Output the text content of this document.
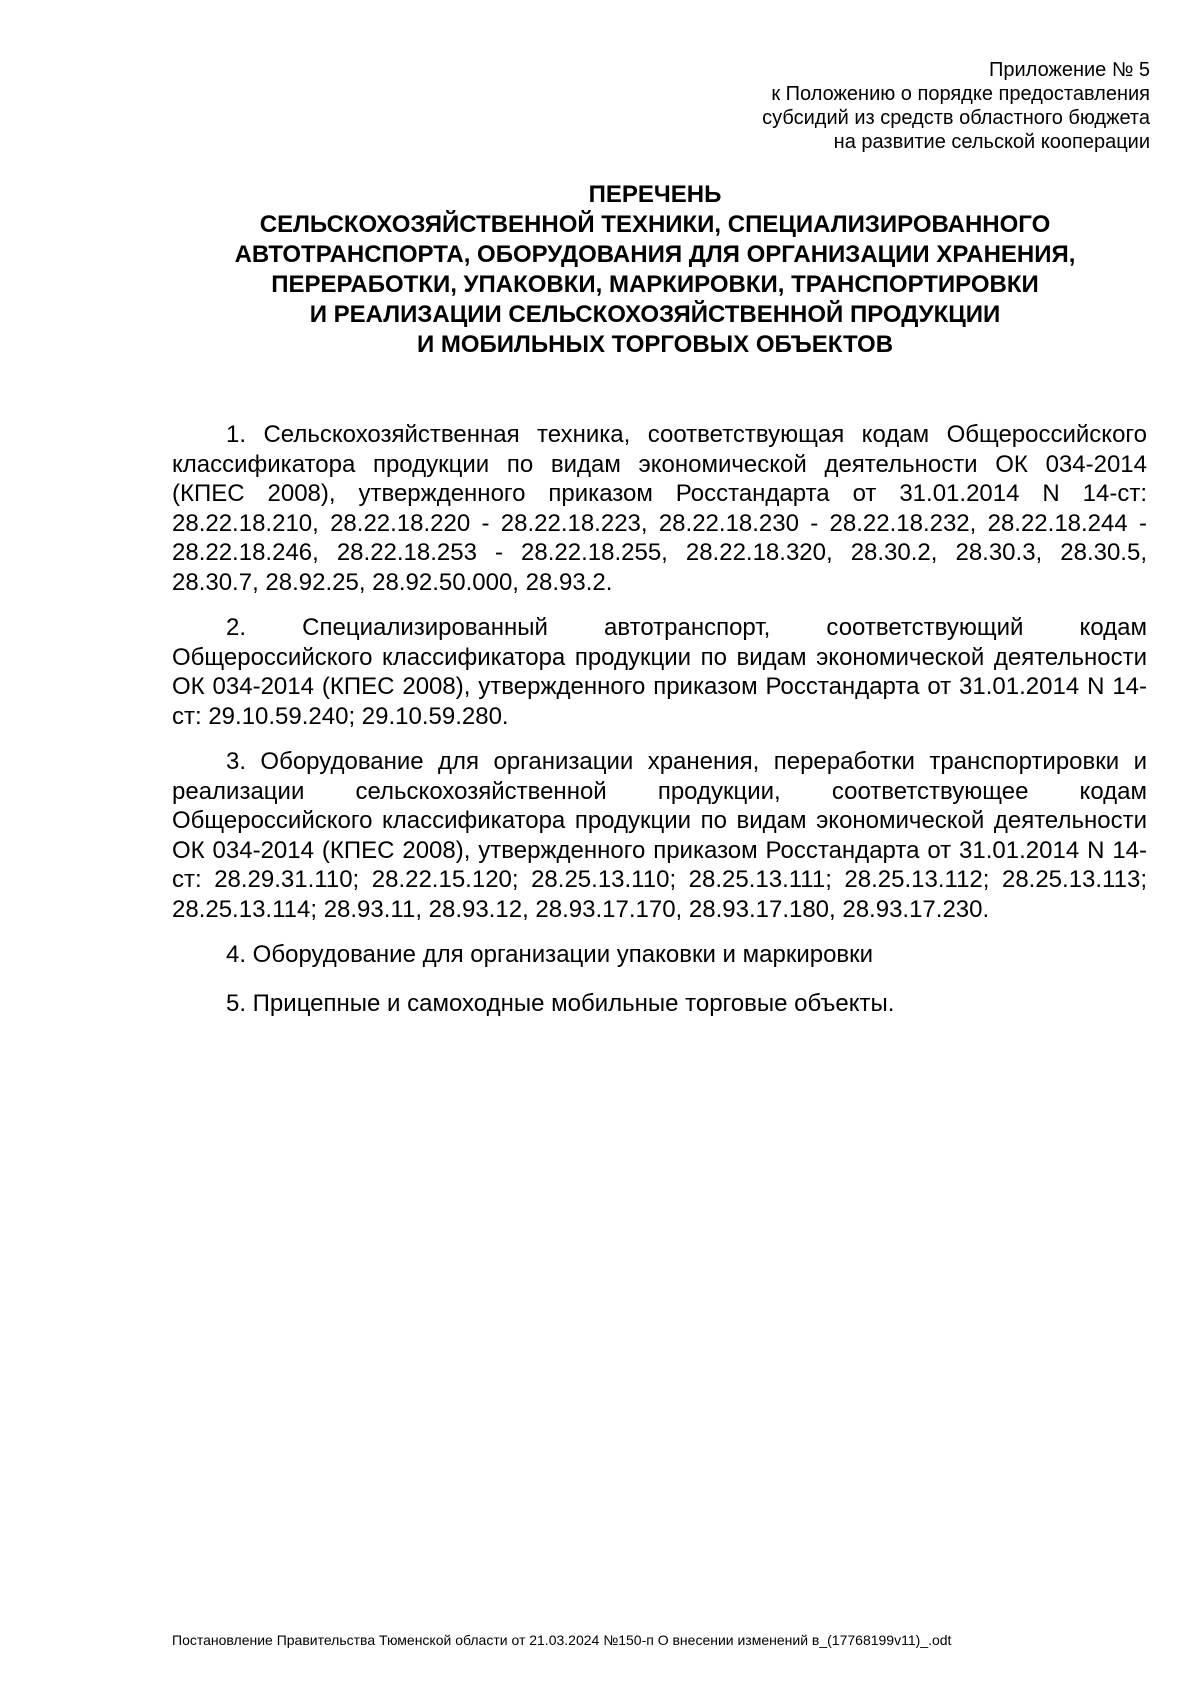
Приложение № 5
к Положению о порядке предоставления
субсидий из средств областного бюджета
на развитие сельской кооперации
ПЕРЕЧЕНЬ
СЕЛЬСКОХОЗЯЙСТВЕННОЙ ТЕХНИКИ, СПЕЦИАЛИЗИРОВАННОГО
АВТОТРАНСПОРТА, ОБОРУДОВАНИЯ ДЛЯ ОРГАНИЗАЦИИ ХРАНЕНИЯ,
ПЕРЕРАБОТКИ, УПАКОВКИ, МАРКИРОВКИ, ТРАНСПОРТИРОВКИ
И РЕАЛИЗАЦИИ СЕЛЬСКОХОЗЯЙСТВЕННОЙ ПРОДУКЦИИ
И МОБИЛЬНЫХ ТОРГОВЫХ ОБЪЕКТОВ

1. Сельскохозяйственная техника, соответствующая кодам Общероссийского классификатора продукции по видам экономической деятельности ОК 034-2014 (КПЕС 2008), утвержденного приказом Росстандарта от 31.01.2014 N 14-ст: 28.22.18.210, 28.22.18.220 - 28.22.18.223, 28.22.18.230 - 28.22.18.232, 28.22.18.244 - 28.22.18.246, 28.22.18.253 - 28.22.18.255, 28.22.18.320, 28.30.2, 28.30.3, 28.30.5, 28.30.7, 28.92.25, 28.92.50.000, 28.93.2.

2. Специализированный автотранспорт, соответствующий кодам Общероссийского классификатора продукции по видам экономической деятельности ОК 034-2014 (КПЕС 2008), утвержденного приказом Росстандарта от 31.01.2014 N 14-ст: 29.10.59.240; 29.10.59.280.

3. Оборудование для организации хранения, переработки транспортировки и реализации сельскохозяйственной продукции, соответствующее кодам Общероссийского классификатора продукции по видам экономической деятельности ОК 034-2014 (КПЕС 2008), утвержденного приказом Росстандарта от 31.01.2014 N 14-ст: 28.29.31.110; 28.22.15.120; 28.25.13.110; 28.25.13.111; 28.25.13.112; 28.25.13.113; 28.25.13.114; 28.93.11, 28.93.12, 28.93.17.170, 28.93.17.180, 28.93.17.230.

4. Оборудование для организации упаковки и маркировки

5. Прицепные и самоходные мобильные торговые объекты.

Постановление Правительства Тюменской области от 21.03.2024 №150-п О внесении изменений в_(17768199v11)_.odt
